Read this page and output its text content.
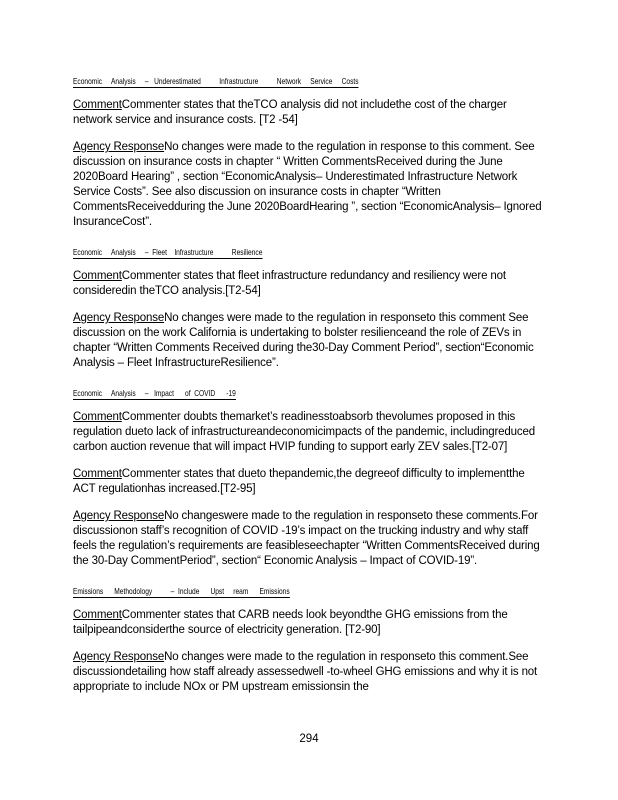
Economic     Analysis     –   Underestimated          Infrastructure          Network     Service     Costs

CommentCommenter states that theTCO analysis did not includethe cost of the charger network service and insurance costs. [T2 -54]

Agency ResponseNo changes were made to the regulation in response to this comment. See discussion on insurance costs in chapter “ Written CommentsReceived during the June 2020Board Hearing” , section “EconomicAnalysis– Underestimated Infrastructure Network Service Costs”. See also discussion on insurance costs in chapter “Written CommentsReceivedduring the June 2020BoardHearing ”, section “EconomicAnalysis– Ignored InsuranceCost”.

Economic     Analysis     –  Fleet    Infrastructure          Resilience

CommentCommenter states that fleet infrastructure redundancy and resiliency were not consideredin theTCO analysis.[T2-54]

Agency ResponseNo changes were made to the regulation in responseto this comment See discussion on the work California is undertaking to bolster resilienceand the role of ZEVs in chapter “Written Comments Received during the30-Day Comment Period”, section“Economic Analysis – Fleet InfrastructureResilience”.

Economic     Analysis     –   Impact      of  COVID      -19

CommentCommenter doubts themarket’s readinesstoabsorb thevolumes proposed in this regulation dueto lack of infrastructureandeconomicimpacts of the pandemic, includingreduced carbon auction revenue that will impact HVIP funding to support early ZEV sales.[T2-07]

CommentCommenter states that dueto thepandemic,the degreeof difficulty to implementthe ACT regulationhas increased.[T2-95]

Agency ResponseNo changeswere made to the regulation in responseto these comments.For discussionon staff’s recognition of COVID -19’s impact on the trucking industry and why staff feels the regulation’s requirements are feasibleseechapter “Written CommentsReceived during the 30-Day CommentPeriod”, section“ Economic Analysis – Impact of COVID-19”.

Emissions      Methodology          –  Include      Upst     ream      Emissions

CommentCommenter states that CARB needs look beyondthe GHG emissions from the tailpipeandconsiderthe source of electricity generation. [T2-90]

Agency ResponseNo changes were made to the regulation in responseto this comment.See discussiondetailing how staff already assessedwell -to-wheel GHG emissions and why it is not appropriate to include NOx or PM upstream emissionsin the

294
